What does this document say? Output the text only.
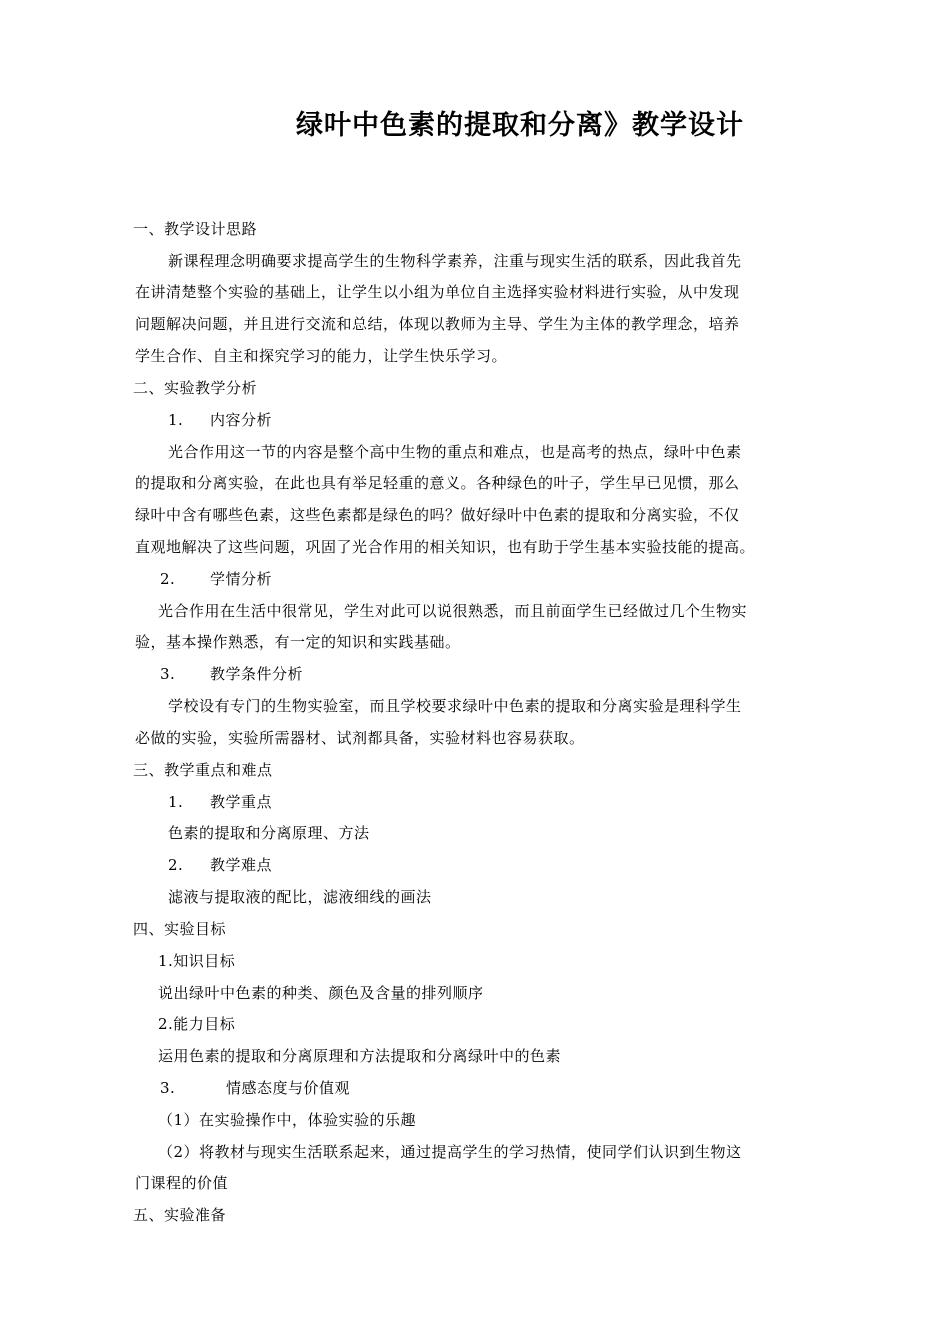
绿叶中色素的提取和分离》教学设计
一、教学设计思路
新课程理念明确要求提高学生的生物科学素养，注重与现实生活的联系，因此我首先
在讲清楚整个实验的基础上，让学生以小组为单位自主选择实验材料进行实验，从中发现
问题解决问题，并且进行交流和总结，体现以教师为主导、学生为主体的教学理念，培养
学生合作、自主和探究学习的能力，让学生快乐学习。
二、实验教学分析
1. 内容分析
光合作用这一节的内容是整个高中生物的重点和难点，也是高考的热点，绿叶中色素
的提取和分离实验，在此也具有举足轻重的意义。各种绿色的叶子，学生早已见惯，那么
绿叶中含有哪些色素，这些色素都是绿色的吗？做好绿叶中色素的提取和分离实验，不仅
直观地解决了这些问题，巩固了光合作用的相关知识，也有助于学生基本实验技能的提高。
2. 学情分析
光合作用在生活中很常见，学生对此可以说很熟悉，而且前面学生已经做过几个生物实
验，基本操作熟悉，有一定的知识和实践基础。
3. 教学条件分析
学校设有专门的生物实验室，而且学校要求绿叶中色素的提取和分离实验是理科学生
必做的实验，实验所需器材、试剂都具备，实验材料也容易获取。
三、教学重点和难点
1. 教学重点
色素的提取和分离原理、方法
2. 教学难点
滤液与提取液的配比，滤液细线的画法
四、实验目标
1.知识目标
说出绿叶中色素的种类、颜色及含量的排列顺序
2.能力目标
运用色素的提取和分离原理和方法提取和分离绿叶中的色素
3.	情感态度与价值观
（1）在实验操作中，体验实验的乐趣
（2）将教材与现实生活联系起来，通过提高学生的学习热情，使同学们认识到生物这
门课程的价值
五、实验准备
